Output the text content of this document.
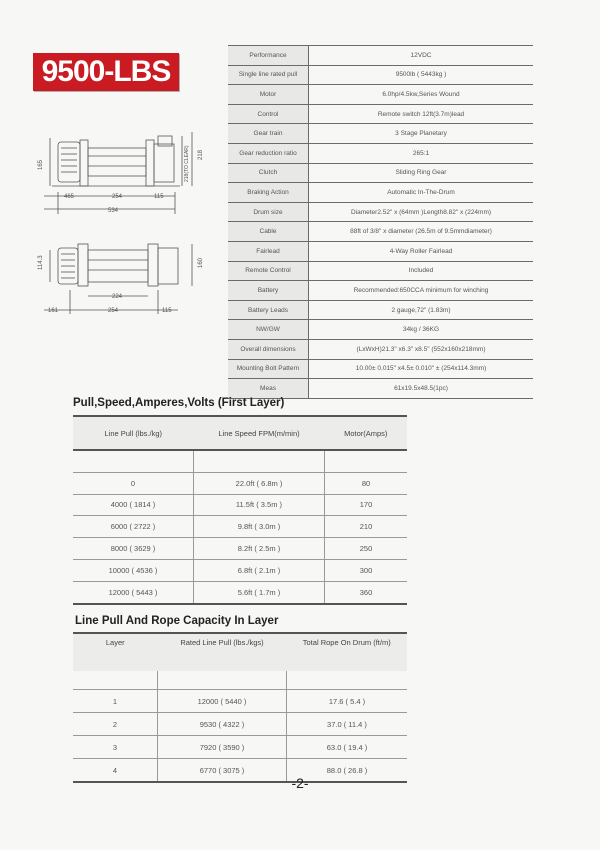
9500-LBS
165
218
218(TO CLEAR)
465	254	115
534
114.3	160
224
161	254	115
Performance	12VDC
Single line rated pull	9500lb ( 5443kg )
Motor	6.0hp/4.5kw,Series Wound
Control	Remote switch 12ft(3.7m)lead
Gear train	3 Stage Planetary
Gear reduction ratio	265:1
Clutch	Sliding Ring Gear
Braking Action	Automatic In-The-Drum
Drum size	Diameter2.52" x (64mm )Length8.82" x (224mm)
Cable	88ft of 3/8" x diameter (26.5m of 9.5mmdiameter)
Fairlead	4-Way Roller Fairlead
Remote Control	Included
Battery	Recommended:650CCA minimum for winching
Battery Leads	2 gauge,72" (1.83m)
NW/GW	34kg / 36KG
Overall dimensions	(LxWxH)21.3" x6.3" x8.5" (552x160x218mm)
Mounting Bolt Pattern	10.00± 0.015" x4.5± 0.010" ± (254x114.3mm)
Meas	61x19.5x48.5(1pc)
Pull,Speed,Amperes,Volts (First Layer)
Line Pull (lbs./kg)	Line Speed FPM(m/min)	Motor(Amps)

0	22.0ft ( 6.8m )	80
4000 ( 1814 )	11.5ft ( 3.5m )	170
6000 ( 2722 )	9.8ft ( 3.0m )	210
8000 ( 3629 )	8.2ft ( 2.5m )	250
10000 ( 4536 )	6.8ft ( 2.1m )	300
12000 ( 5443 )	5.6ft ( 1.7m )	360
Line Pull And Rope Capacity In Layer
Layer	Rated Line Pull (lbs./kgs)	Total Rope On Drum (ft/m)

1	12000 ( 5440 )	17.6 ( 5.4 )
2	9530 ( 4322 )	37.0 ( 11.4 )
3	7920 ( 3590 )	63.0 ( 19.4 )
4	6770 ( 3075 )	88.0 ( 26.8 )
-2-
